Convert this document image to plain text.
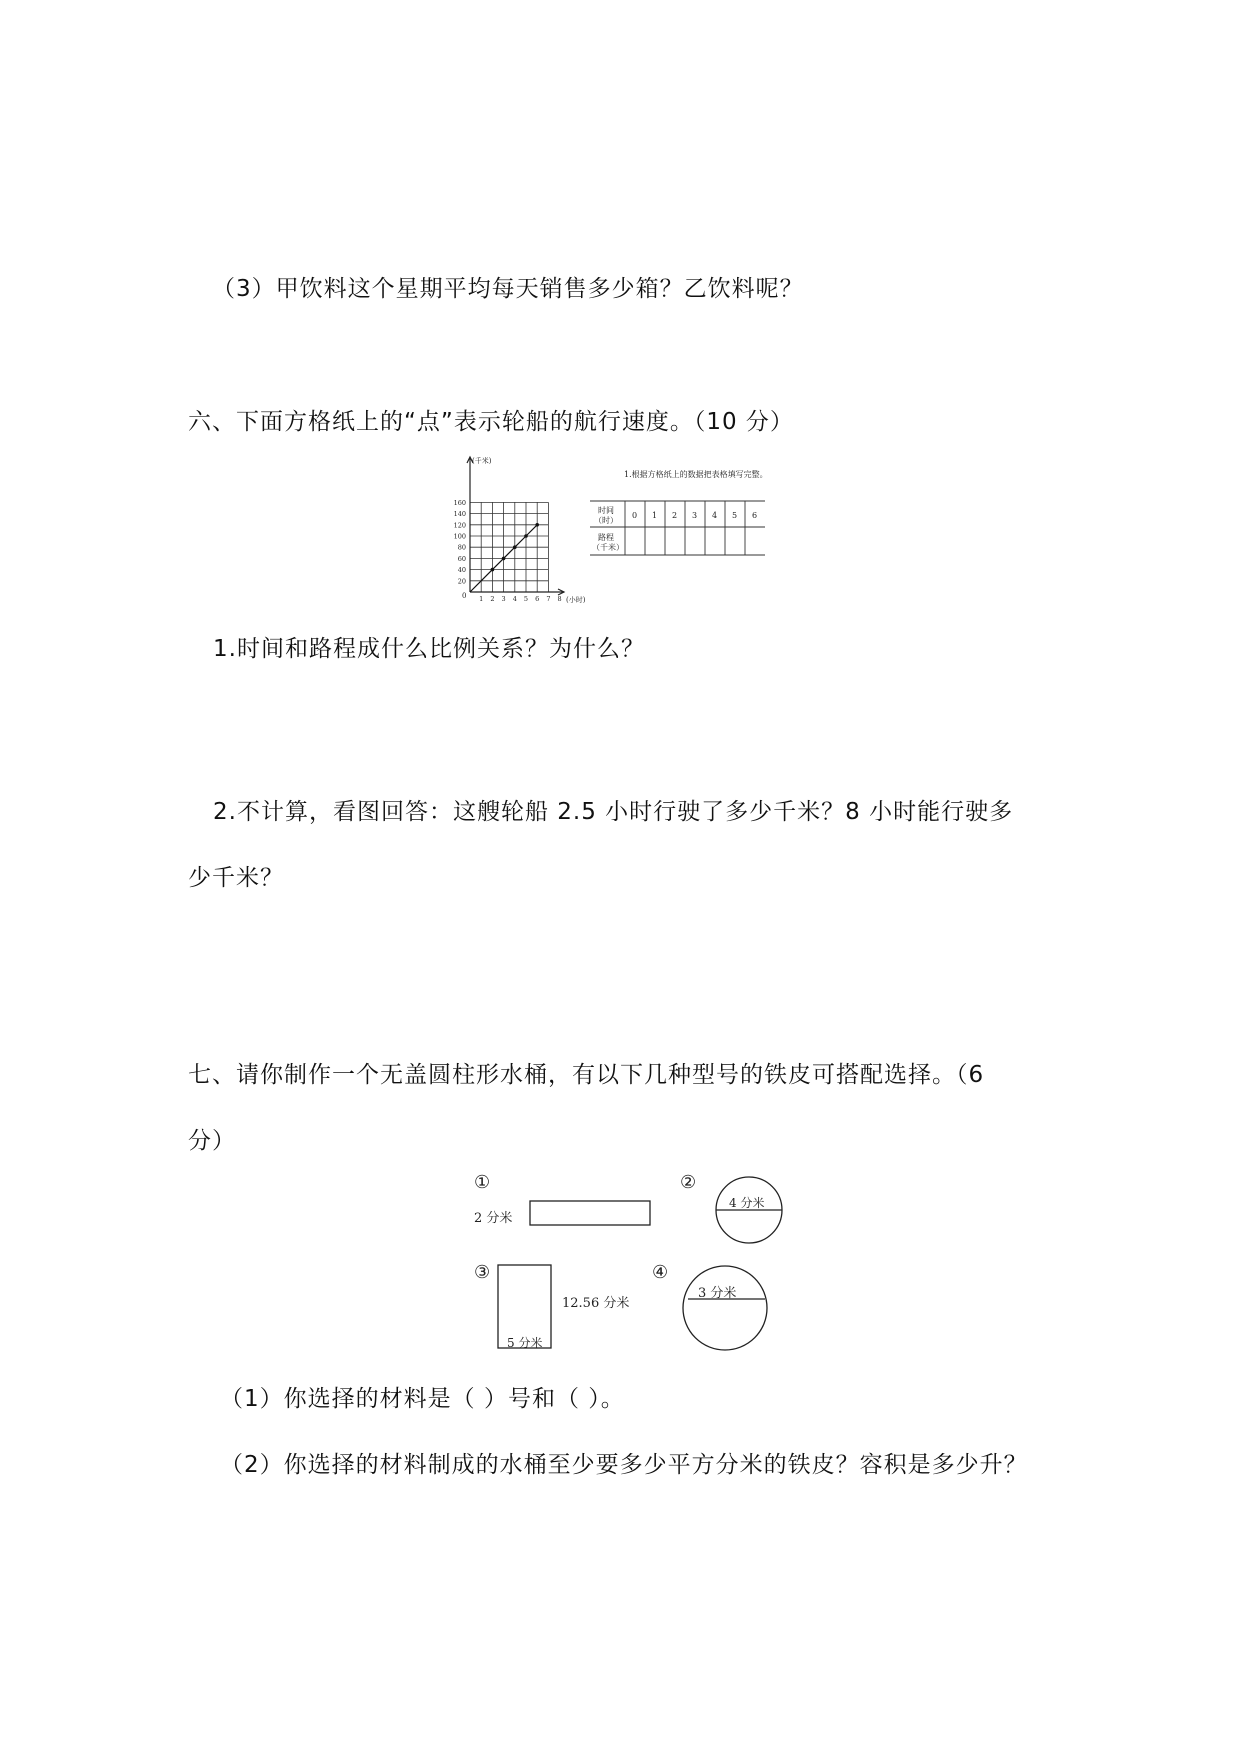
（3）甲饮料这个星期平均每天销售多少箱？乙饮料呢？
六、下面方格纸上的“点”表示轮船的航行速度。（10 分）
20
40
60
80
100
120
140
160
1 2 3 4 5 6 7 8
(千米)
(小时)
0
1.根据方格纸上的数据把表格填写完整。
时间
（时）
路程
（千米）
0 1 2 3 4 5 6
1.时间和路程成什么比例关系？为什么？
2.不计算，看图回答：这艘轮船 2.5 小时行驶了多少千米？8 小时能行驶多
少千米？
七、请你制作一个无盖圆柱形水桶，有以下几种型号的铁皮可搭配选择。（6
分）
①
2 分米
②
4 分米
③
12.56 分米
5 分米
④
3 分米
（1）你选择的材料是（ ）号和（ ）。
（2）你选择的材料制成的水桶至少要多少平方分米的铁皮？容积是多少升？
